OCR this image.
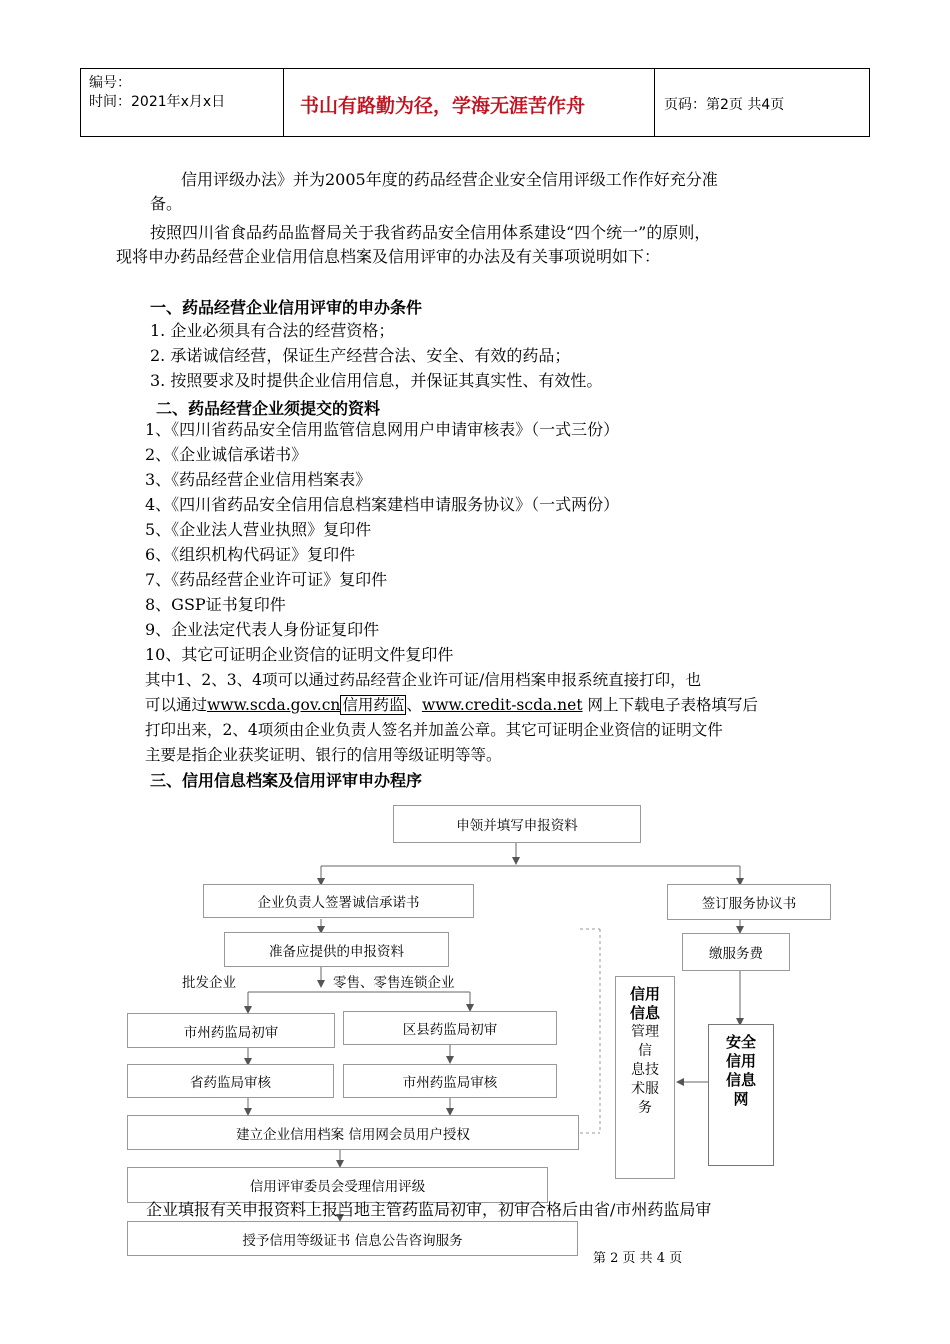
编号：
时间：2021年x月x日	书山有路勤为径，学海无涯苦作舟	页码：第2页 共4页
信用评级办法》并为2005年度的药品经营企业安全信用评级工作作好充分准
备。
按照四川省食品药品监督局关于我省药品安全信用体系建设“四个统一”的原则，
现将申办药品经营企业信用信息档案及信用评审的办法及有关事项说明如下：
一、药品经营企业信用评审的申办条件
1. 企业必须具有合法的经营资格；
2. 承诺诚信经营，保证生产经营合法、安全、有效的药品；
3. 按照要求及时提供企业信用信息，并保证其真实性、有效性。
二、药品经营企业须提交的资料
1、《四川省药品安全信用监管信息网用户申请审核表》（一式三份）
2、《企业诚信承诺书》
3、《药品经营企业信用档案表》
4、《四川省药品安全信用信息档案建档申请服务协议》（一式两份）
5、《企业法人营业执照》复印件
6、《组织机构代码证》复印件
7、《药品经营企业许可证》复印件
8、GSP证书复印件
9、企业法定代表人身份证复印件
10、其它可证明企业资信的证明文件复印件
其中1、2、3、4项可以通过药品经营企业许可证/信用档案申报系统直接打印，也
可以通过www.scda.gov.cn 信用药监 、www.credit-scda.net 网上下载电子表格填写后
打印出来，2、4项须由企业负责人签名并加盖公章。其它可证明企业资信的证明文件
主要是指企业获奖证明、银行的信用等级证明等等。
三、信用信息档案及信用评审申办程序
申领并填写申报资料
企业负责人签署诚信承诺书	签订服务协议书
准备应提供的申报资料	缴服务费
批发企业	零售、零售连锁企业
市州药监局初审	区县药监局初审
省药监局审核	市州药监局审核
建立企业信用档案 信用网会员用户授权
信用评审委员会受理信用评级
授予信用等级证书 信息公告咨询服务
信用
信息
管理
信
息技
术服
务
安全
信用
信息
网
企业填报有关申报资料上报当地主管药监局初审，初审合格后由省/市州药监局审
第 2 页 共 4 页
